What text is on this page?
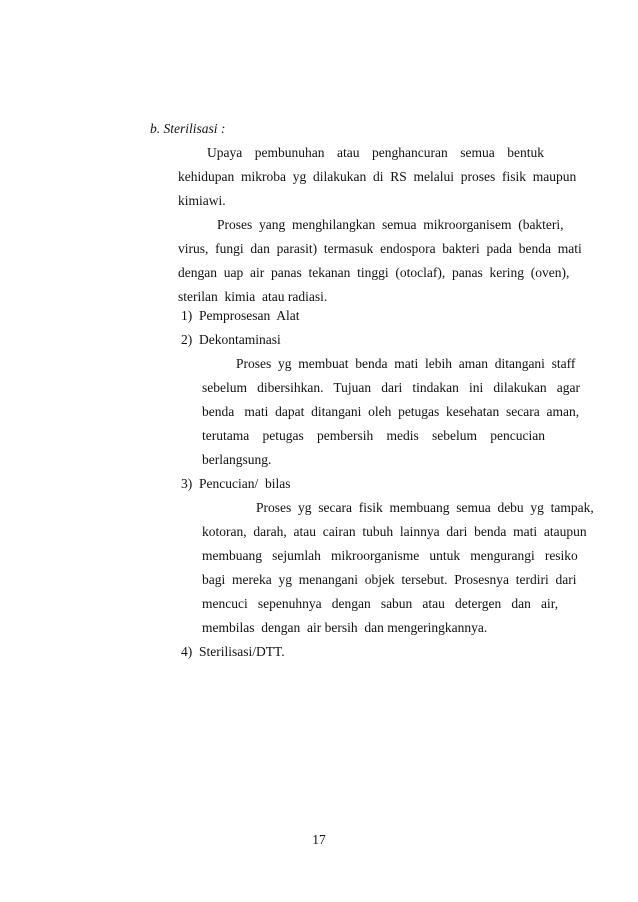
b. Sterilisasi :
Upaya pembunuhan atau penghancuran semua bentuk
kehidupan  mikroba  yg  dilakukan  di  RS  melalui  proses  fisik  maupun
kimiawi.
Proses  yang  menghilangkan  semua  mikroorganisem  (bakteri,
virus,  fungi  dan  parasit)  termasuk  endospora  bakteri  pada  benda  mati
dengan  uap  air  panas  tekanan  tinggi  (otoclaf),  panas  kering  (oven),
sterilan  kimia  atau radiasi.
1)  Pemprosesan  Alat
2)  Dekontaminasi
Proses  yg  membuat  benda  mati  lebih  aman  ditangani  staff
sebelum   dibersihkan.   Tujuan   dari   tindakan   ini   dilakukan   agar
benda   mati  dapat  ditangani  oleh  petugas  kesehatan  secara  aman,
terutama petugas pembersih medis sebelum pencucian
berlangsung.
3)  Pencucian/  bilas
Proses  yg  secara  fisik  membuang  semua  debu  yg  tampak,
kotoran,  darah,  atau  cairan  tubuh  lainnya  dari  benda  mati  ataupun
membuang   sejumlah   mikroorganisme   untuk   mengurangi   resiko
bagi  mereka  yg  menangani  objek  tersebut.  Prosesnya  terdiri  dari
mencuci   sepenuhnya   dengan   sabun   atau   detergen   dan   air,
membilas  dengan  air bersih  dan mengeringkannya.
4)  Sterilisasi/DTT.
17
